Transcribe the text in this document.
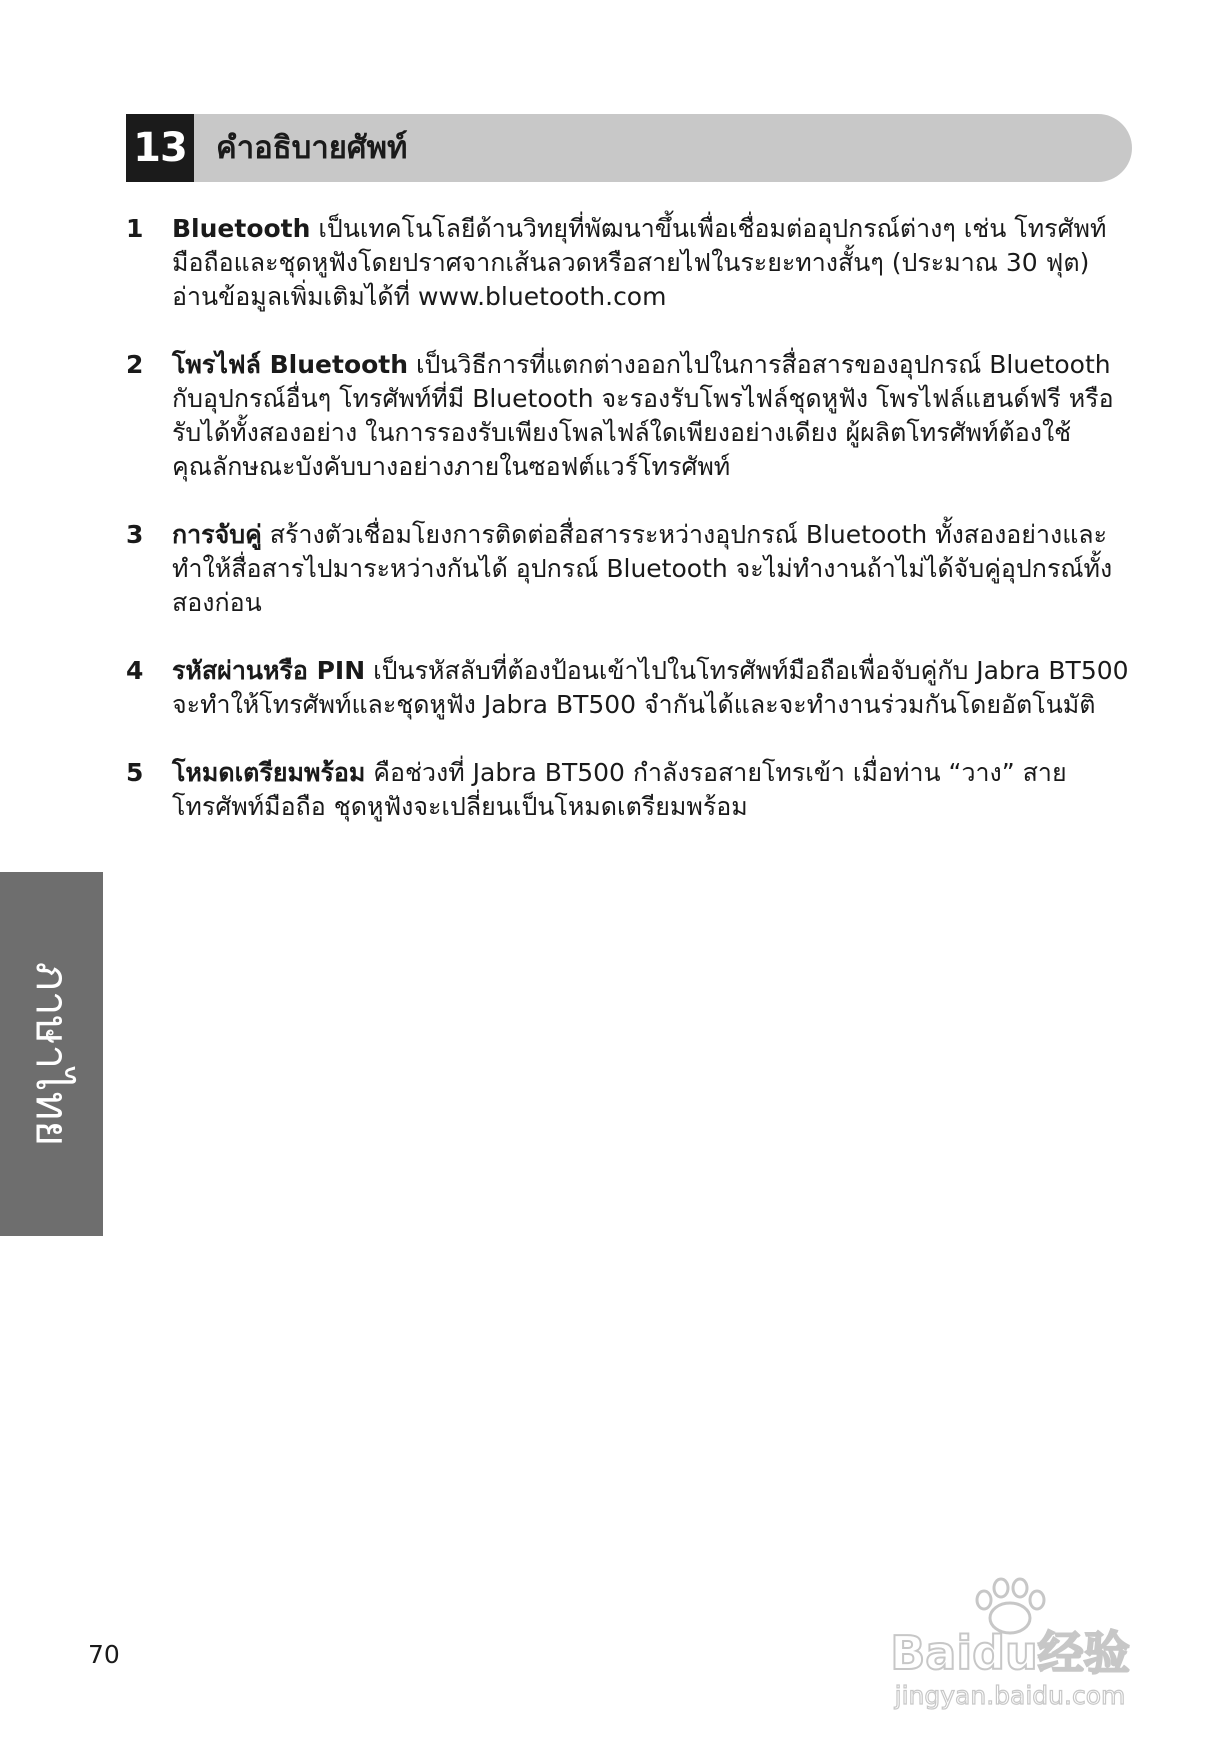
13 คำอธิบายศัพท์
1	Bluetooth เป็นเทคโนโลยีด้านวิทยุที่พัฒนาขึ้นเพื่อเชื่อมต่ออุปกรณ์ต่างๆ เช่น โทรศัพท์มือถือและชุดหูฟังโดยปราศจากเส้นลวดหรือสายไฟในระยะทางสั้นๆ (ประมาณ 30 ฟุต) อ่านข้อมูลเพิ่มเติมได้ที่ www.bluetooth.com
2	โพรไฟล์ Bluetooth เป็นวิธีการที่แตกต่างออกไปในการสื่อสารของอุปกรณ์ Bluetooth กับอุปกรณ์อื่นๆ โทรศัพท์ที่มี Bluetooth จะรองรับโพรไฟล์ชุดหูฟัง โพรไฟล์แฮนด์ฟรี หรือรับได้ทั้งสองอย่าง ในการรองรับเพียงโพลไฟล์ใดเพียงอย่างเดียง ผู้ผลิตโทรศัพท์ต้องใช้คุณลักษณะบังคับบางอย่างภายในซอฟต์แวร์โทรศัพท์
3	การจับคู่ สร้างตัวเชื่อมโยงการติดต่อสื่อสารระหว่างอุปกรณ์ Bluetooth ทั้งสองอย่างและทำให้สื่อสารไปมาระหว่างกันได้ อุปกรณ์ Bluetooth จะไม่ทำงานถ้าไม่ได้จับคู่อุปกรณ์ทั้งสองก่อน
4	รหัสผ่านหรือ PIN เป็นรหัสลับที่ต้องป้อนเข้าไปในโทรศัพท์มือถือเพื่อจับคู่กับ Jabra BT500 จะทำให้โทรศัพท์และชุดหูฟัง Jabra BT500 จำกันได้และจะทำงานร่วมกันโดยอัตโนมัติ
5	โหมดเตรียมพร้อม คือช่วงที่ Jabra BT500 กำลังรอสายโทรเข้า เมื่อท่าน “วาง” สายโทรศัพท์มือถือ ชุดหูฟังจะเปลี่ยนเป็นโหมดเตรียมพร้อม
ภาษาไทย
70	Baidu经验
jingyan.baidu.com
